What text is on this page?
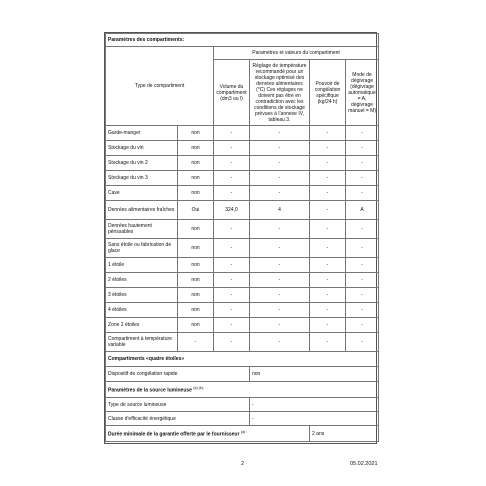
Paramètres des compartiments:					
Type de compartiment		Paramètres et valeurs du compartiment			
		Volume du compartiment (dm3 ou l)	Réglage de température recommandé pour un stockage optimisé des denrées alimentaires (°C) Ces réglages ne doivent pas être en contradiction avec les conditions de stockage prévues à l’annexe IV, tableau 3.	Pouvoir de congélation spécifique (kg/24 h)	Mode de dégivrage (dégivrage automatique = A, dégivrage manuel = M)
Garde-manger	non	-	-	-	-
Stockage du vin	non	-	-	-	-
Stockage du vin 2	non	-	-	-	-
Stockage du vin 3	non	-	-	-	-
Cave	non	-	-	-	-
Denrées alimentaires fraîches	Oui	324,0	4	-	A
Denrées hautement périssables	non	-	-	-	-
Sans étoile ou fabrication de glace	non	-	-	-	-
1 étoile	non	-	-	-	-
2 étoiles	non	-	-	-	-
3 étoiles	non	-	-	-	-
4 étoiles	non	-	-	-	-
Zone 2 étoiles	non	-	-	-	-
Compartiment à température variable	-	-	-	-	-
Compartiments «quatre étoiles»					
Dispositif de congélation rapide			non		
Paramètres de la source lumineuse $^{(a) (b):}$
Type de source lumineuse			-		
Classe d'efficacité énergétique			-		
Durée minimale de la garantie offerte par le fournisseur $^{(a) :}$				2 ans	
2	05.02.2021
